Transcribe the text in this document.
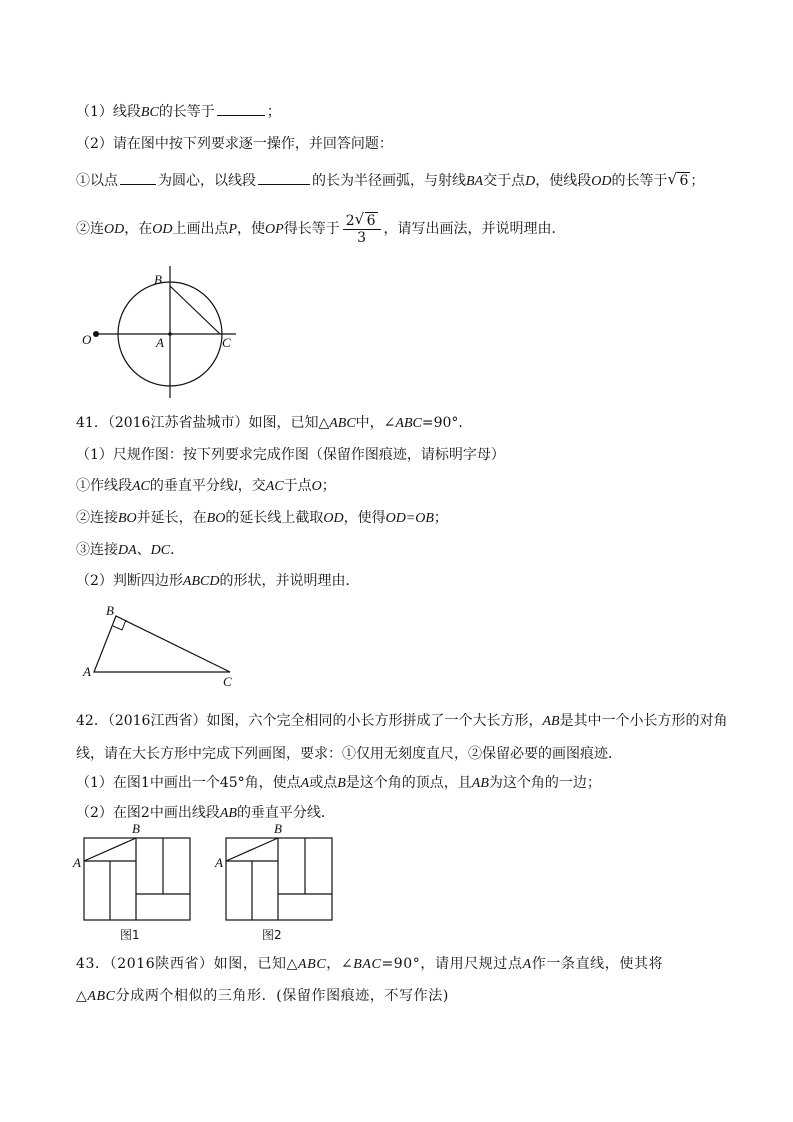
（1）线段BC的长等于	；
（2）请在图中按下列要求逐一操作，并回答问题：
①以点	为圆心，以线段	的长为半径画弧，与射线BA交于点D，使线段OD的长等于 √ 6 ；
②连OD，在OD上画出点P，使OP得长等于 $\frac{2 √ 6}{3}$ ，请写出画法，并说明理由．
B
O	A	C
41．（2016江苏省盐城市）如图，已知△ABC中，∠ABC=90°．
（1）尺规作图：按下列要求完成作图（保留作图痕迹，请标明字母）
①作线段AC的垂直平分线l，交AC于点O；
②连接BO并延长，在BO的延长线上截取OD，使得OD=OB；
③连接DA、DC．
（2）判断四边形ABCD的形状，并说明理由．
B
A
C
42．（2016江西省）如图，六个完全相同的小长方形拼成了一个大长方形，AB是其中一个小长方形的对角线，请在大长方形中完成下列画图，要求：①仅用无刻度直尺，②保留必要的画图痕迹．
（1）在图1中画出一个45°角，使点A或点B是这个角的顶点，且AB为这个角的一边；
（2）在图2中画出线段AB的垂直平分线．
A
B
图1
A
B
图2
43．（2016陕西省）如图，已知△ABC，∠BAC=90°，请用尺规过点A作一条直线，使其将
△ABC分成两个相似的三角形．(保留作图痕迹，不写作法)
